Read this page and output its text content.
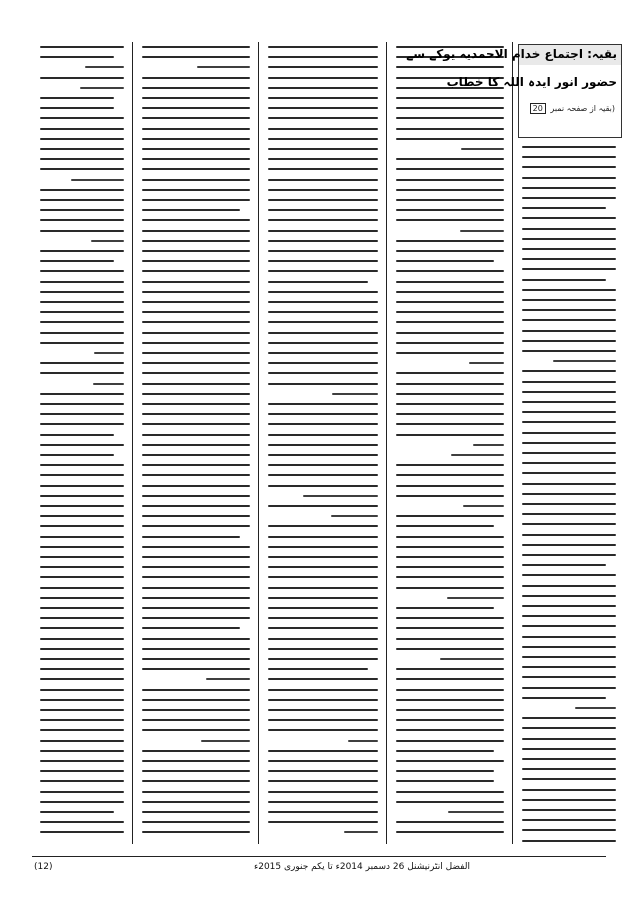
بقیہ: اجتماع خدام الاحمدیہ یوکے سے
حضور انور ایدہ اللہ کا خطاب
(بقیہ از صفحہ نمبر 20
(12)	الفضل انٹرنیشنل 26 دسمبر 2014ء تا یکم جنوری 2015ء
